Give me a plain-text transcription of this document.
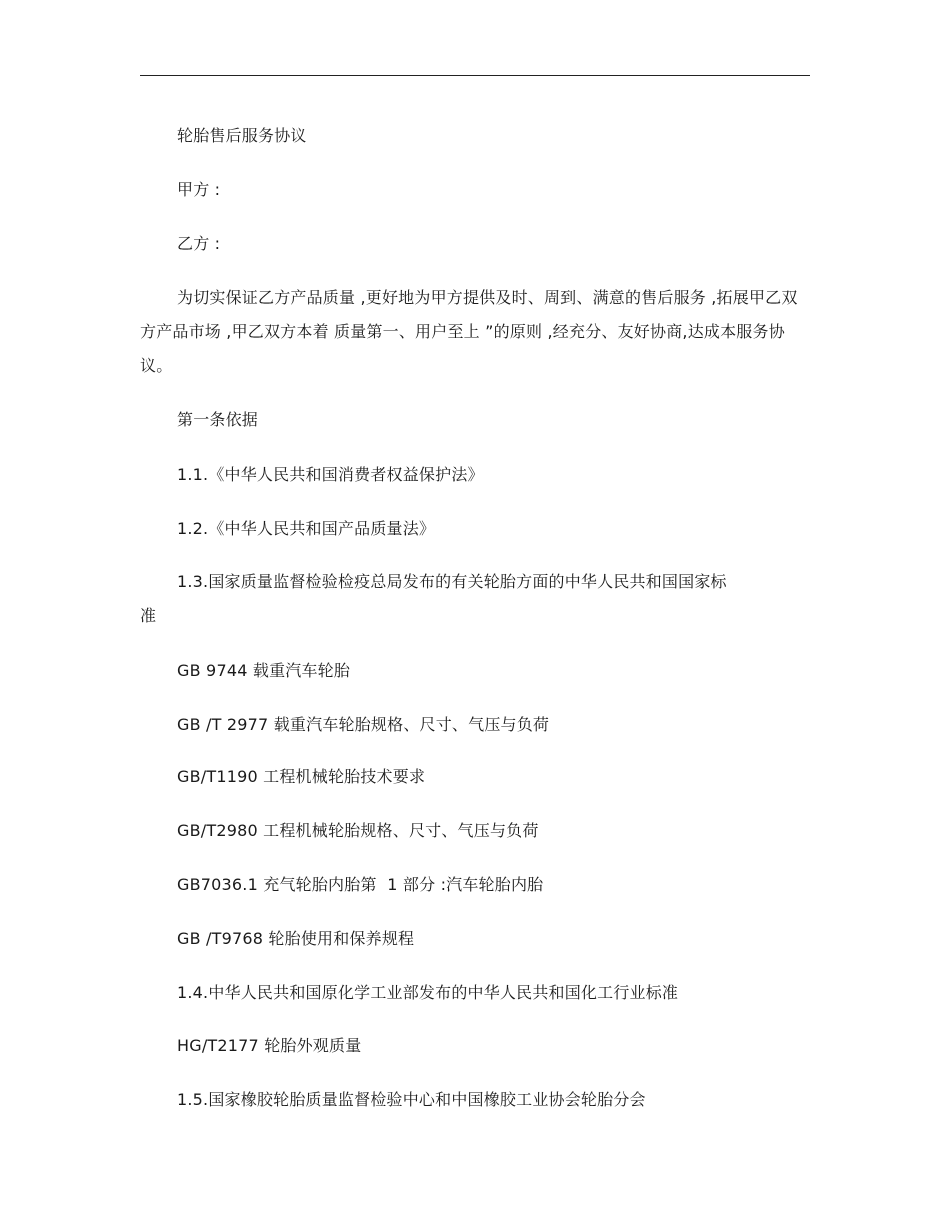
轮胎售后服务协议
甲方 :
乙方 :
为切实保证乙方产品质量 ,更好地为甲方提供及时、周到、满意的售后服务 ,拓展甲乙双方产品市场 ,甲乙双方本着 质量第一、用户至上 ”的原则 ,经充分、友好协商,达成本服务协议。
第一条依据
1.1.《中华人民共和国消费者权益保护法》
1.2.《中华人民共和国产品质量法》
1.3.国家质量监督检验检疫总局发布的有关轮胎方面的中华人民共和国国家标
准
GB 9744 载重汽车轮胎
GB /T 2977 载重汽车轮胎规格、尺寸、气压与负荷
GB/T1190 工程机械轮胎技术要求
GB/T2980 工程机械轮胎规格、尺寸、气压与负荷
GB7036.1 充气轮胎内胎第  1 部分 :汽车轮胎内胎
GB /T9768 轮胎使用和保养规程
1.4.中华人民共和国原化学工业部发布的中华人民共和国化工行业标准
HG/T2177 轮胎外观质量
1.5.国家橡胶轮胎质量监督检验中心和中国橡胶工业协会轮胎分会
